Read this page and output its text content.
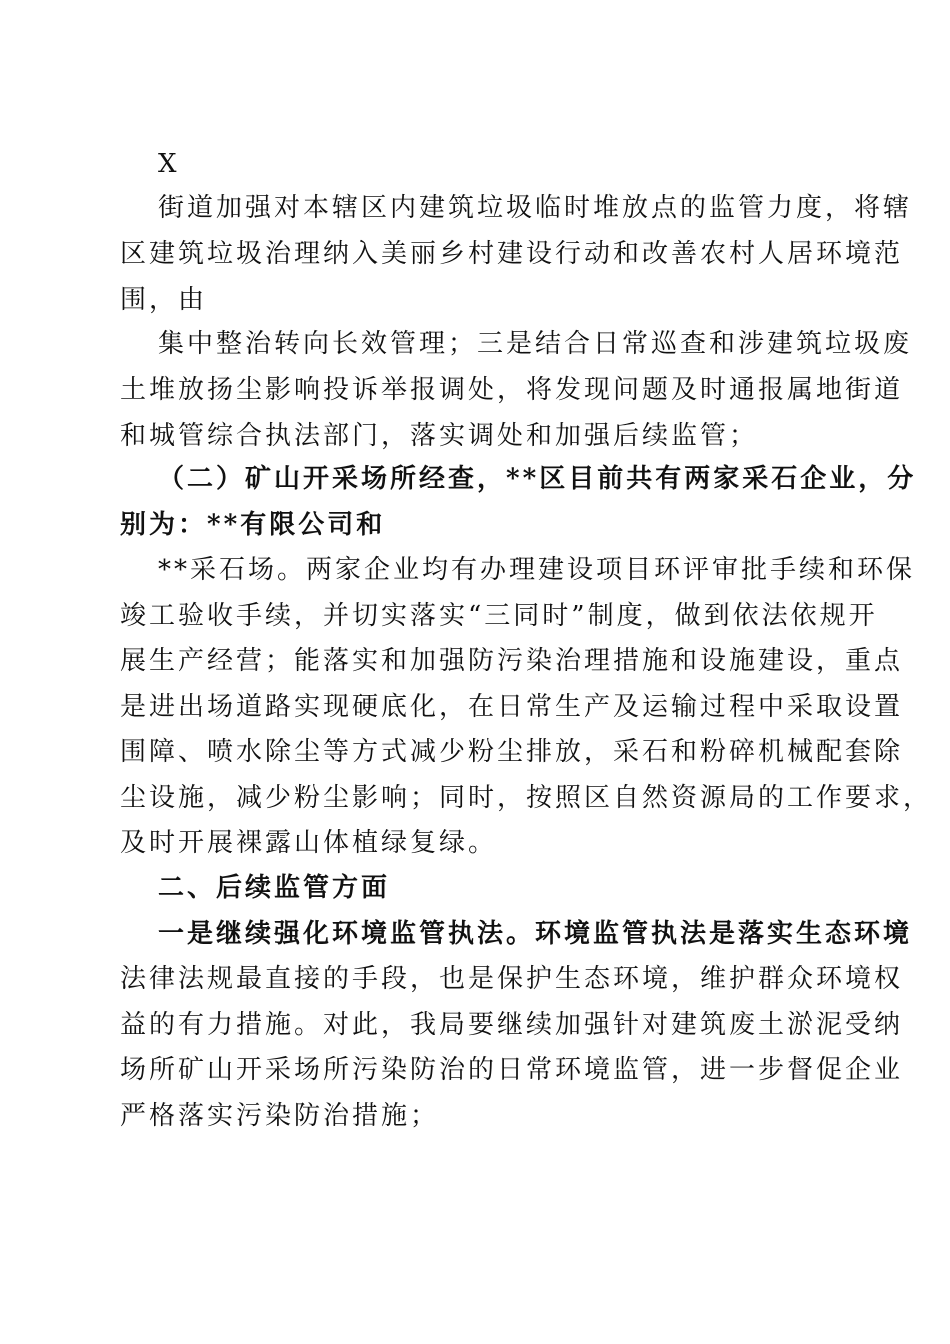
X
街道加强对本辖区内建筑垃圾临时堆放点的监管力度，将辖
区建筑垃圾治理纳入美丽乡村建设行动和改善农村人居环境范
围，由
集中整治转向长效管理；三是结合日常巡查和涉建筑垃圾废
土堆放扬尘影响投诉举报调处，将发现问题及时通报属地街道
和城管综合执法部门，落实调处和加强后续监管；
（二）矿山开采场所经查，**区目前共有两家采石企业，分
别为：**有限公司和
**采石场。两家企业均有办理建设项目环评审批手续和环保
竣工验收手续，并切实落实“三同时”制度，做到依法依规开
展生产经营；能落实和加强防污染治理措施和设施建设，重点
是进出场道路实现硬底化，在日常生产及运输过程中采取设置
围障、喷水除尘等方式减少粉尘排放，采石和粉碎机械配套除
尘设施，减少粉尘影响；同时，按照区自然资源局的工作要求，
及时开展裸露山体植绿复绿。
二、后续监管方面
一是继续强化环境监管执法。环境监管执法是落实生态环境
法律法规最直接的手段，也是保护生态环境，维护群众环境权
益的有力措施。对此，我局要继续加强针对建筑废土淤泥受纳
场所矿山开采场所污染防治的日常环境监管，进一步督促企业
严格落实污染防治措施；
